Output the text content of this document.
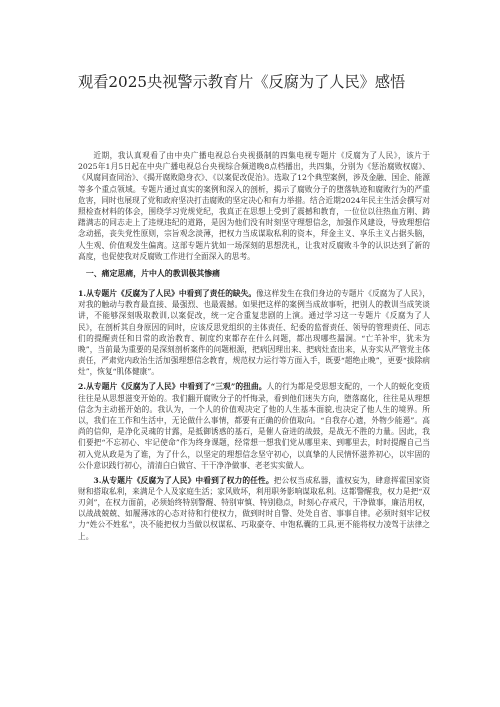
观看2025央视警示教育片《反腐为了人民》感悟

近期，我认真观看了由中央广播电视总台央视摄制的四集电视专题片《反腐为了人民》，该片于2025年1月5日起在中央广播电视总台央视综合频道晚8点档播出，共四集，分别为《惩治腐败权腐》、《风腐同查同治》、《揭开腐败隐身衣》、《以案促改促治》。选取了12个典型案例，涉及金融、国企、能源等多个重点领域。专题片通过真实的案例和深入的剖析，揭示了腐败分子的堕落轨迹和腐败行为的严重危害，同时也展现了党和政府坚决打击腐败的坚定决心和有力举措。结合近期2024年民主生活会撰写对照检查材料的体会，围绕学习党规党纪，我真正在思想上受到了震撼和教育，一位位以往热血方刚、踌躇满志的同志走上了违规违纪的道路，是因为他们没有时刻坚守理想信念，加强作风建设，导致理想信念动摇，丧失党性原则，宗旨观念淡薄，把权力当成谋取私利的资本，拜金主义、享乐主义占据头脑，人生观、价值观发生偏离。这部专题片犹如一场深刻的思想洗礼，让我对反腐败斗争的认识达到了新的高度，也促使我对反腐败工作进行全面深入的思考。

一、痛定思痛，片中人的教训极其惨痛

1.从专题片《反腐为了人民》中看到了责任的缺失。像这样发生在我们身边的专题片《反腐为了人民》，对我的触动与教育最直接、最强烈、也最震撼。如果把这样的案例当成故事听，把别人的教训当成笑谈讲，不能够深刻吸取教训,以案促改，统一定合重复悲剧的上演。通过学习这一专题片《反腐为了人民》，在剖析其自身原因的同时，应该反思党组织的主体责任、纪委的监督责任、领导的管理责任、同志们的提醒责任和日常的政治教育、制度约束都存在什么问题，都出现哪些漏洞。“亡羊补牢，犹未为晚”，当前最为重要的是深刻剖析案件的问题根源，把病因理出来、把病灶查出来，从夯实从严管党主体责任，严肃党内政治生活加强理想信念教育，规范权力运行等方面入手，既要“超绝止晚”，更要“拔除病灶”，恢复“肌体健康”。

2.从专题片《反腐为了人民》中看到了“三观”的扭曲。人的行为都是受思想支配的，一个人的蜕化变质往往是从思想滋变开始的。我们翻开腐败分子的忏悔录，看到他们迷失方向，堕落腐化，往往是从理想信念为主动摇开始的。我认为，一个人的价值观决定了他的人生基本面貌,也决定了他人生的境界。所以，我们在工作和生活中，无论做什么事情，都要有正确的价值取向。“自我存心遗，外物少能遏”。高尚的信仰，是净化灵魂的甘露，是抵御诱惑的基石，是催人奋进的战鼓，是战无不胜的力量。因此，我们要把“不忘初心、牢记使命”作为终身课题，经常想一想我们党从哪里来、到哪里去，时时提醒自己当初入党从政是为了谁，为了什么，以坚定的理想信念坚守初心，以真挚的人民情怀滋养初心，以牢固的公仆意识践行初心，清清白白做官、干干净净做事、老老实实做人。

3.从专题片《反腐为了人民》中看到了权力的任性。把公权当成私器，滥权妄为，肆意挥霍国家资财和搭取私利，来满足个人及家庭生活；家风败坏，利用职务影响谋取私利。这都警醒我，权力是把“双刃剑”，在权力面前，必须始终特别警醒、特别审慎、特别稳点，时刻心存戒尺，干净做事，廉洁用权，以战战兢兢、如履薄冰的心态对待和行使权力，做到时时自警、处处自省、事事自律。必须时刻牢记权力“姓公不姓私”，决不能把权力当做以权谋私、巧取豪夺、中饱私囊的工具,更不能将权力凌驾于法律之上。
